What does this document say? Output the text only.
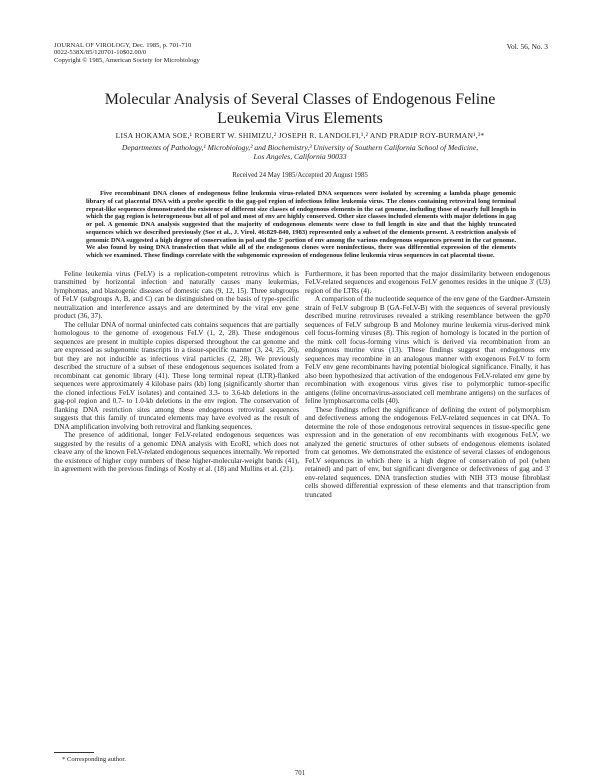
JOURNAL OF VIROLOGY, Dec. 1985, p. 701-710
0022-538X/85/120701-10$02.00/0
Copyright © 1985, American Society for Microbiology
Vol. 56, No. 3
Molecular Analysis of Several Classes of Endogenous Feline
Leukemia Virus Elements
LISA HOKAMA SOE,¹ ROBERT W. SHIMIZU,² JOSEPH R. LANDOLFI,¹,² AND PRADIP ROY-BURMAN¹,³*
Departments of Pathology,¹ Microbiology,² and Biochemistry,³ University of Southern California School of Medicine,
Los Angeles, California 90033
Received 24 May 1985/Accepted 20 August 1985

Five recombinant DNA clones of endogenous feline leukemia virus-related DNA sequences were isolated by screening a lambda phage genomic library of cat placental DNA with a probe specific to the gag-pol region of infectious feline leukemia virus. The clones containing retroviral long terminal repeat-like sequences demonstrated the existence of different size classes of endogenous elements in the cat genome, including those of nearly full length in which the gag region is heterogeneous but all of pol and most of env are highly conserved. Other size classes included elements with major deletions in gag or pol. A genomic DNA analysis suggested that the majority of endogenous elements were close to full length in size and that the highly truncated sequences which we described previously (Soe et al., J. Virol. 46:829-840, 1983) represented only a subset of the elements present. A restriction analysis of genomic DNA suggested a high degree of conservation in pol and the 5' portion of env among the various endogenous sequences present in the cat genome. We also found by using DNA transfection that while all of the endogenous clones were noninfectious, there was differential expression of the elements which we examined. These findings correlate with the subgenomic expression of endogenous feline leukemia virus sequences in cat placental tissue.

Feline leukemia virus (FeLV) is a replication-competent retrovirus which is transmitted by horizontal infection and naturally causes many leukemias, lymphomas, and blastogenic diseases of domestic cats (9, 12, 15). Three subgroups of FeLV (subgroups A, B, and C) can be distinguished on the basis of type-specific neutralization and interference assays and are determined by the viral env gene product (36, 37).

The cellular DNA of normal uninfected cats contains sequences that are partially homologous to the genome of exogenous FeLV (1, 2, 28). These endogenous sequences are present in multiple copies dispersed throughout the cat genome and are expressed as subgenomic transcripts in a tissue-specific manner (3, 24, 25, 26), but they are not inducible as infectious viral particles (2, 28). We previously described the structure of a subset of these endogenous sequences isolated from a recombinant cat genomic library (41). These long terminal repeat (LTR)-flanked sequences were approximately 4 kilobase pairs (kb) long (significantly shorter than the cloned infectious FeLV isolates) and contained 3.3- to 3.6-kb deletions in the gag-pol region and 0.7- to 1.0-kb deletions in the env region. The conservation of flanking DNA restriction sites among these endogenous retroviral sequences suggests that this family of truncated elements may have evolved as the result of DNA amplification involving both retroviral and flanking sequences.

The presence of additional, longer FeLV-related endogenous sequences was suggested by the results of a genomic DNA analysis with EcoRI, which does not cleave any of the known FeLV-related endogenous sequences internally. We reported the existence of higher copy numbers of these higher-molecular-weight bands (41), in agreement with the previous findings of Koshy et al. (18) and Mullins et al. (21).

Furthermore, it has been reported that the major dissimilarity between endogenous FeLV-related sequences and exogenous FeLV genomes resides in the unique 3' (U3) region of the LTRs (4).

A comparison of the nucleotide sequence of the env gene of the Gardner-Arnstein strain of FeLV subgroup B (GA-FeLV-B) with the sequences of several previously described murine retroviruses revealed a striking resemblance between the gp70 sequences of FeLV subgroup B and Moloney murine leukemia virus-derived mink cell focus-forming viruses (8). This region of homology is located in the portion of the mink cell focus-forming virus which is derived via recombination from an endogenous murine virus (13). These findings suggest that endogenous env sequences may recombine in an analogous manner with exogenous FeLV to form FeLV env gene recombinants having potential biological significance. Finally, it has also been hypothesized that activation of the endogenous FeLV-related env gene by recombination with exogenous virus gives rise to polymorphic tumor-specific antigens (feline oncornavirus-associated cell membrane antigens) on the surfaces of feline lymphosarcoma cells (40).

These findings reflect the significance of defining the extent of polymorphism and defectiveness among the endogenous FeLV-related sequences in cat DNA. To determine the role of those endogenous retroviral sequences in tissue-specific gene expression and in the generation of env recombinants with exogenous FeLV, we analyzed the genetic structures of other subsets of endogenous elements isolated from cat genomes. We demonstrated the existence of several classes of endogenous FeLV sequences in which there is a high degree of conservation of pol (when retained) and part of env, but significant divergence or defectiveness of gag and 3' env-related sequences. DNA transfection studies with NIH 3T3 mouse fibroblast cells showed differential expression of these elements and that transcription from truncated

* Corresponding author.
701
